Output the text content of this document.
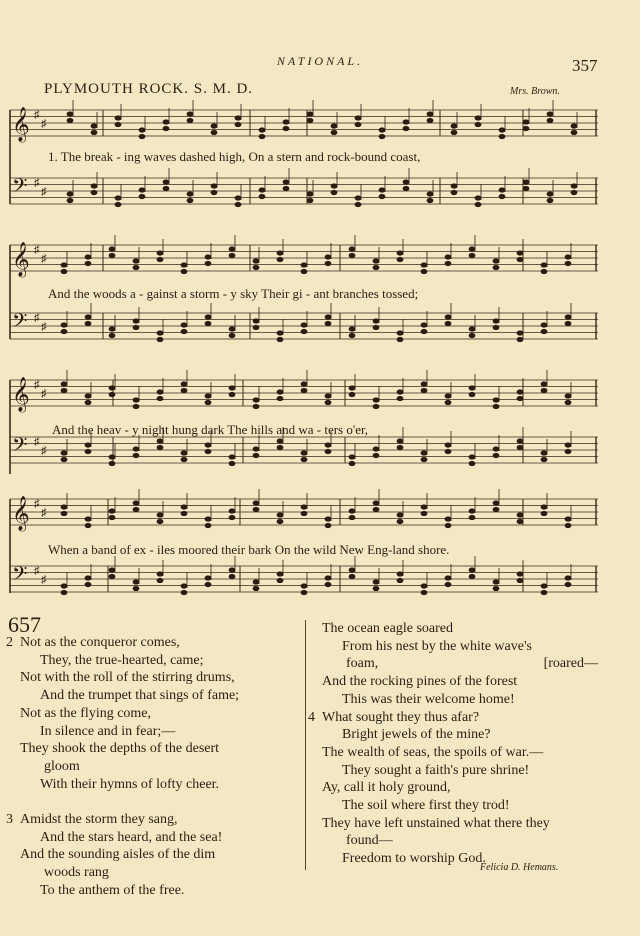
NATIONAL.	357
PLYMOUTH ROCK. S. M. D.	Mrs. Brown.
𝄞 ♯
♯
𝄢 ♯
♯
𝄞 ♯
♯
𝄢 ♯
♯
𝄞 ♯
♯
𝄢 ♯
♯
𝄞 ♯
♯
𝄢 ♯
♯
1. The break - ing waves dashed high, On a stern and rock-bound coast,
And the woods a - gainst a storm - y sky Their gi - ant branches tossed;
And the heav - y night hung dark The hills and wa - ters o'er,
When a band of ex - iles moored their bark On the wild New Eng-land shore.
657
2 Not as the conqueror comes,
They, the true-hearted, came;
Not with the roll of the stirring drums,
And the trumpet that sings of fame;
Not as the flying come,
In silence and in fear;—
They shook the depths of the desert
gloom
With their hymns of lofty cheer.

3 Amidst the storm they sang,
And the stars heard, and the sea!
And the sounding aisles of the dim
woods rang
To the anthem of the free.
The ocean eagle soared
From his nest by the white wave's
foam,	[roared—
And the rocking pines of the forest
This was their welcome home!
4 What sought they thus afar?
Bright jewels of the mine?
The wealth of seas, the spoils of war.—
They sought a faith's pure shrine!
Ay, call it holy ground,
The soil where first they trod!
They have left unstained what there they
found—
Freedom to worship God.
Felicia D. Hemans.
